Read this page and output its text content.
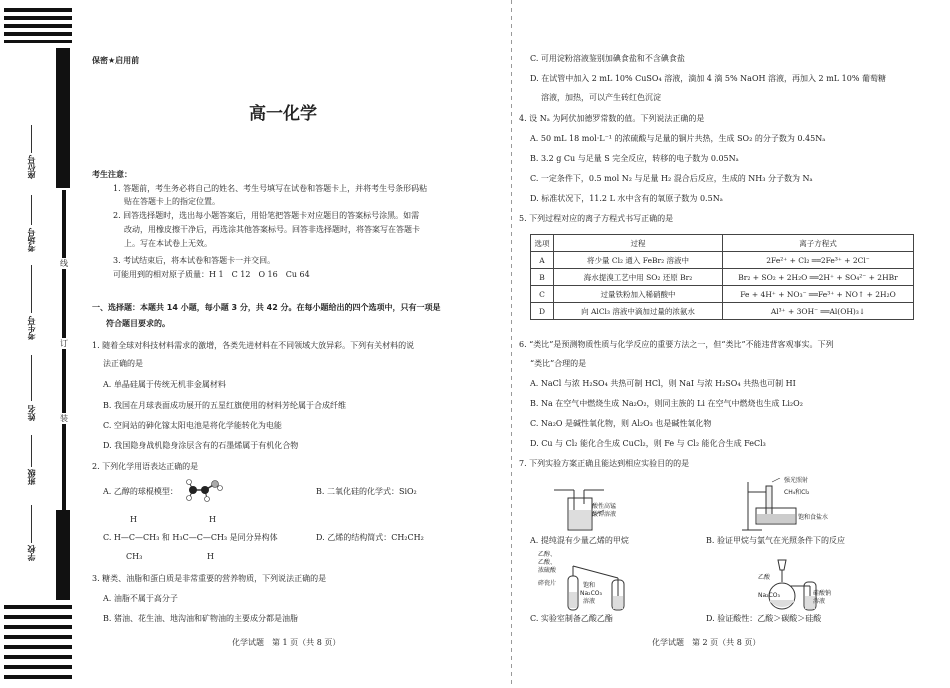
座位号
考场号
考生号
姓名
班级
学校
线
订
装
保密★启用前
高一化学
考生注意：
1. 答题前，考生务必将自己的姓名、考生号填写在试卷和答题卡上，并将考生号条形码粘
贴在答题卡上的指定位置。
2. 回答选择题时，选出每小题答案后，用铅笔把答题卡对应题目的答案标号涂黑。如需
改动，用橡皮擦干净后，再选涂其他答案标号。回答非选择题时，将答案写在答题卡
上。写在本试卷上无效。
3. 考试结束后，将本试卷和答题卡一并交回。
可能用到的相对原子质量：H 1　C 12　O 16　Cu 64
一、选择题：本题共 14 小题，每小题 3 分，共 42 分。在每小题给出的四个选项中，只有一项是
符合题目要求的。
1. 随着全球对科技材料需求的激增，各类先进材料在不同领域大放异彩。下列有关材料的说
法正确的是
A. 单晶硅属于传统无机非金属材料
B. 我国在月球表面成功展开的五星红旗使用的材料芳纶属于合成纤维
C. 空间站的砷化镓太阳电池是将化学能转化为电能
D. 我国隐身战机隐身涂层含有的石墨烯属于有机化合物
2. 下列化学用语表达正确的是
A. 乙醇的球棍模型：	B. 二氧化硅的化学式：SiO₂
H	H
C. H—C—CH₃ 和 H₃C—C—CH₃ 是同分异构体
CH₃	H
D. 乙烯的结构简式：CH₂CH₂
3. 糖类、油脂和蛋白质是非常重要的营养物质，下列说法正确的是
A. 油脂不属于高分子
B. 猪油、花生油、地沟油和矿物油的主要成分都是油脂
化学试题　第 1 页（共 8 页）
C. 可用淀粉溶液鉴别加碘食盐和不含碘食盐
D. 在试管中加入 2 mL 10% CuSO₄ 溶液，滴加 4 滴 5% NaOH 溶液，再加入 2 mL 10% 葡萄糖
溶液，加热，可以产生砖红色沉淀
4. 设 Nₐ 为阿伏加德罗常数的值。下列说法正确的是
A. 50 mL 18 mol·L⁻¹ 的浓硫酸与足量的铜片共热，生成 SO₂ 的分子数为 0.45Nₐ
B. 3.2 g Cu 与足量 S 完全反应，转移的电子数为 0.05Nₐ
C. 一定条件下，0.5 mol N₂ 与足量 H₂ 混合后反应，生成的 NH₃ 分子数为 Nₐ
D. 标准状况下，11.2 L 水中含有的氧原子数为 0.5Nₐ
5. 下列过程对应的离子方程式书写正确的是
选项	过程	离子方程式
A	将少量 Cl₂ 通入 FeBr₂ 溶液中	2Fe²⁺ + Cl₂ ══2Fe³⁺ + 2Cl⁻
B	海水提溴工艺中用 SO₂ 还原 Br₂	Br₂ + SO₂ + 2H₂O ══2H⁺ + SO₄²⁻ + 2HBr
C	过量铁粉加入稀硝酸中	Fe + 4H⁺ + NO₃⁻ ══Fe³⁺ + NO↑ + 2H₂O
D	向 AlCl₃ 溶液中滴加过量的浓氨水	Al³⁺ + 3OH⁻ ══Al(OH)₃↓
6. “类比”是预测物质性质与化学反应的重要方法之一，但“类比”不能违背客观事实。下列
“类比”合理的是
A. NaCl 与浓 H₂SO₄ 共热可制 HCl，则 NaI 与浓 H₂SO₄ 共热也可制 HI
B. Na 在空气中燃烧生成 Na₂O₂，则同主族的 Li 在空气中燃烧也生成 Li₂O₂
C. Na₂O 是碱性氧化物，则 Al₂O₃ 也是碱性氧化物
D. Cu 与 Cl₂ 能化合生成 CuCl₂，则 Fe 与 Cl₂ 能化合生成 FeCl₃
7. 下列实验方案正确且能达到相应实验目的的是
酸性高锰
酸钾溶液
A. 提纯混有少量乙烯的甲烷
强光照射
CH₄和Cl₂
饱和食盐水
B. 验证甲烷与氯气在光照条件下的反应
乙醇、
乙酸、
浓硫酸
碎瓷片	饱和
Na₂CO₃
溶液
C. 实验室制备乙酸乙酯
乙酸
Na₂CO₃	硅酸钠
溶液
D. 验证酸性：乙酸＞碳酸＞硅酸
化学试题　第 2 页（共 8 页）
